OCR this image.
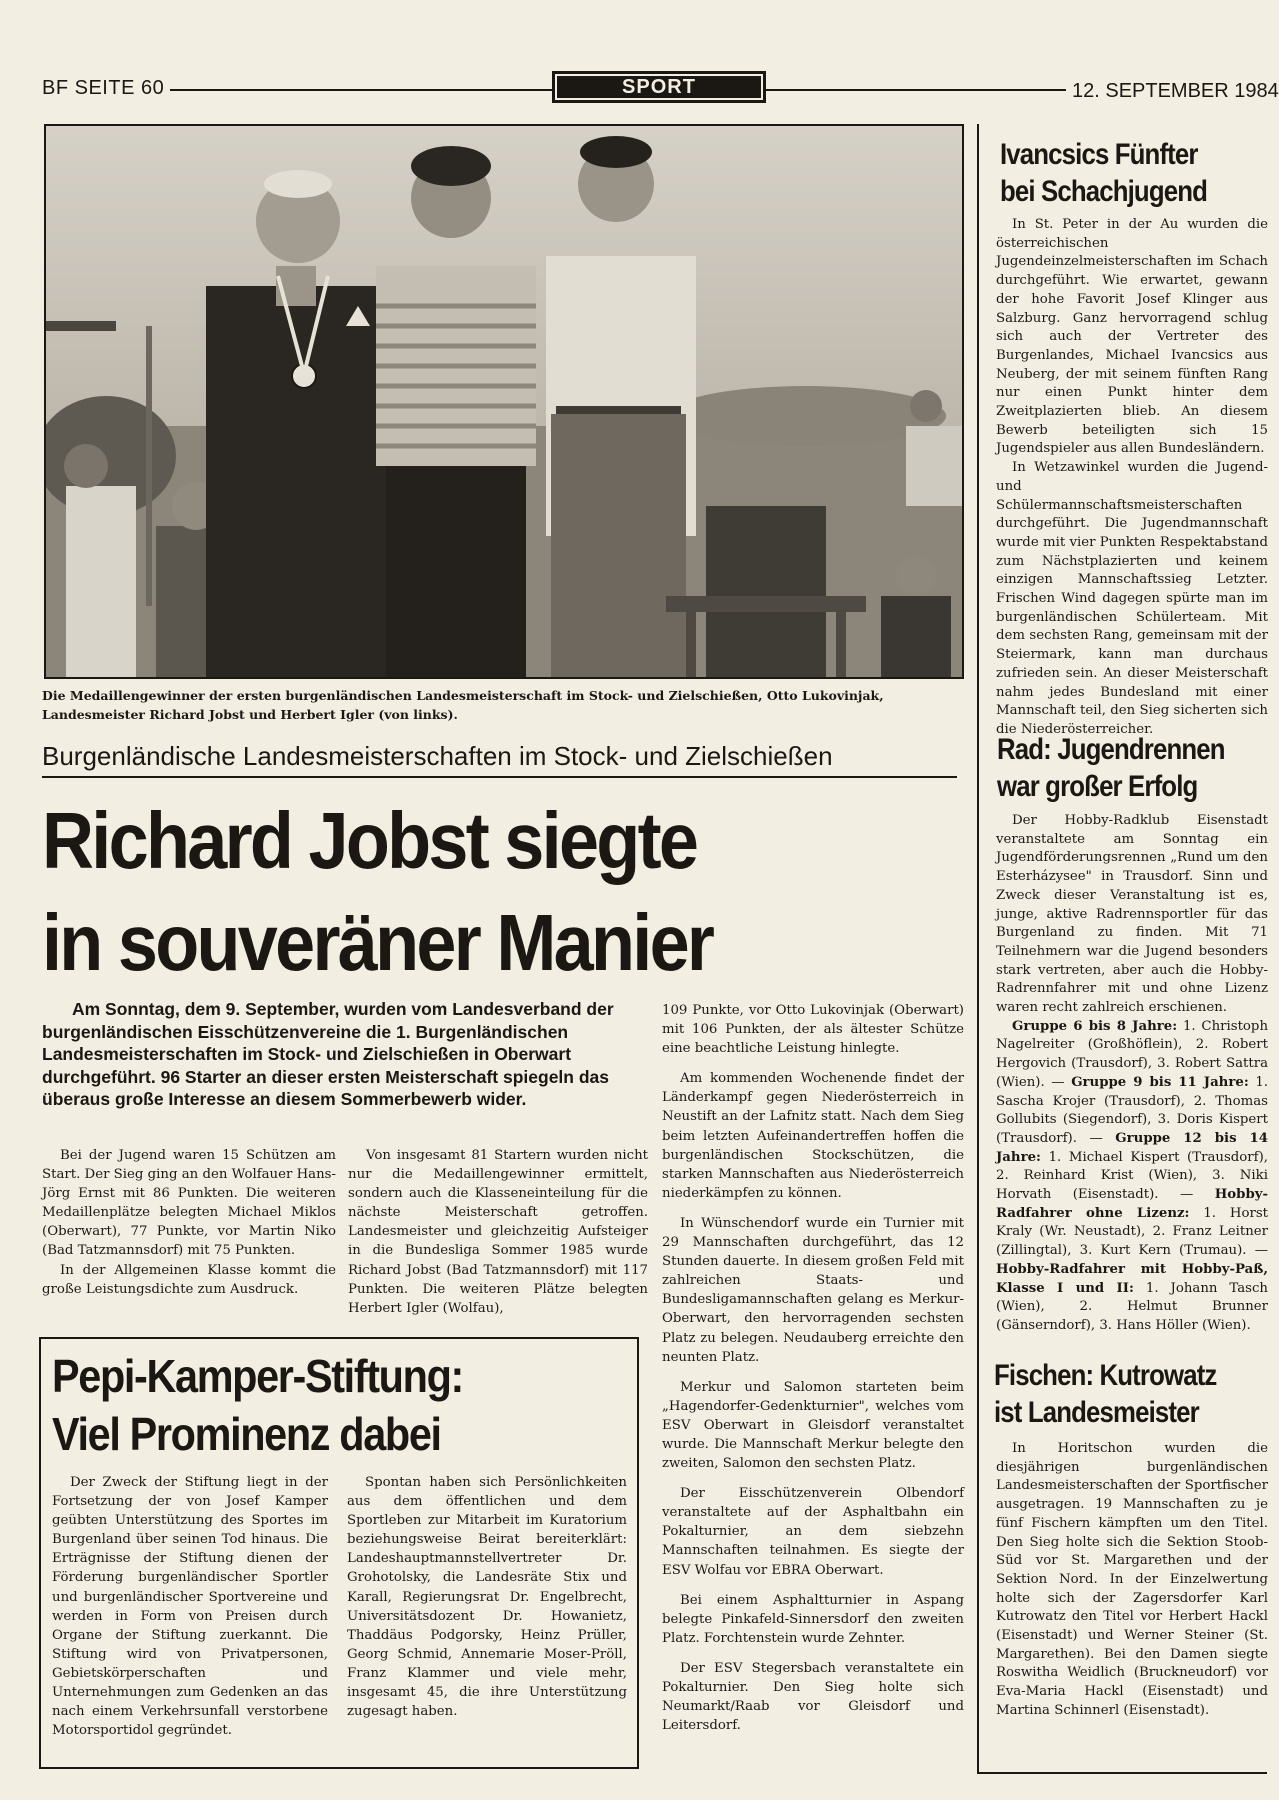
BF SEITE 60	SPORT	12. SEPTEMBER 1984
Die Medaillengewinner der ersten burgenländischen Landesmeisterschaft im Stock- und Zielschießen, Otto Lukovinjak, Landesmeister Richard Jobst und Herbert Igler (von links).
Burgenländische Landesmeisterschaften im Stock- und Zielschießen
Richard Jobst siegte
in souveräner Manier
Am Sonntag, dem 9. September, wurden vom Landesverband der burgenländischen Eisschützenvereine die 1. Burgenländischen Landesmeisterschaften im Stock- und Zielschießen in Oberwart durchgeführt. 96 Starter an dieser ersten Meisterschaft spiegeln das überaus große Interesse an diesem Sommerbewerb wider.

Bei der Jugend waren 15 Schützen am Start. Der Sieg ging an den Wolfauer Hans-Jörg Ernst mit 86 Punkten. Die weiteren Medaillenplätze belegten Michael Miklos (Oberwart), 77 Punkte, vor Martin Niko (Bad Tatzmannsdorf) mit 75 Punkten.

In der Allgemeinen Klasse kommt die große Leistungsdichte zum Ausdruck.

Von insgesamt 81 Startern wurden nicht nur die Medaillengewinner ermittelt, sondern auch die Klasseneinteilung für die nächste Meisterschaft getroffen. Landesmeister und gleichzeitig Aufsteiger in die Bundesliga Sommer 1985 wurde Richard Jobst (Bad Tatzmannsdorf) mit 117 Punkten. Die weiteren Plätze belegten Herbert Igler (Wolfau),

109 Punkte, vor Otto Lukovinjak (Oberwart) mit 106 Punkten, der als ältester Schütze eine beachtliche Leistung hinlegte.

Am kommenden Wochenende findet der Länderkampf gegen Niederösterreich in Neustift an der Lafnitz statt. Nach dem Sieg beim letzten Aufeinandertreffen hoffen die burgenländischen Stockschützen, die starken Mannschaften aus Niederösterreich niederkämpfen zu können.

In Wünschendorf wurde ein Turnier mit 29 Mannschaften durchgeführt, das 12 Stunden dauerte. In diesem großen Feld mit zahlreichen Staats- und Bundesligamannschaften gelang es Merkur-Oberwart, den hervorragenden sechsten Platz zu belegen. Neudauberg erreichte den neunten Platz.

Merkur und Salomon starteten beim „Hagendorfer-Gedenkturnier", welches vom ESV Oberwart in Gleisdorf veranstaltet wurde. Die Mannschaft Merkur belegte den zweiten, Salomon den sechsten Platz.

Der Eisschützenverein Olbendorf veranstaltete auf der Asphaltbahn ein Pokalturnier, an dem siebzehn Mannschaften teilnahmen. Es siegte der ESV Wolfau vor EBRA Oberwart.

Bei einem Asphaltturnier in Aspang belegte Pinkafeld-Sinnersdorf den zweiten Platz. Forchtenstein wurde Zehnter.

Der ESV Stegersbach veranstaltete ein Pokalturnier. Den Sieg holte sich Neumarkt/Raab vor Gleisdorf und Leitersdorf.

Pepi-Kamper-Stiftung:
Viel Prominenz dabei

Der Zweck der Stiftung liegt in der Fortsetzung der von Josef Kamper geübten Unterstützung des Sportes im Burgenland über seinen Tod hinaus. Die Erträgnisse der Stiftung dienen der Förderung burgenländischer Sportler und burgenländischer Sportvereine und werden in Form von Preisen durch Organe der Stiftung zuerkannt. Die Stiftung wird von Privatpersonen, Gebietskörperschaften und Unternehmungen zum Gedenken an das nach einem Verkehrsunfall verstorbene Motorsportidol gegründet.

Spontan haben sich Persönlichkeiten aus dem öffentlichen und dem Sportleben zur Mitarbeit im Kuratorium beziehungsweise Beirat bereiterklärt: Landeshauptmannstellvertreter Dr. Grohotolsky, die Landesräte Stix und Karall, Regierungsrat Dr. Engelbrecht, Universitätsdozent Dr. Howanietz, Thaddäus Podgorsky, Heinz Prüller, Georg Schmid, Annemarie Moser-Pröll, Franz Klammer und viele mehr, insgesamt 45, die ihre Unterstützung zugesagt haben.

Ivancsics Fünfter
bei Schachjugend

In St. Peter in der Au wurden die österreichischen Jugendeinzelmeisterschaften im Schach durchgeführt. Wie erwartet, gewann der hohe Favorit Josef Klinger aus Salzburg. Ganz hervorragend schlug sich auch der Vertreter des Burgenlandes, Michael Ivancsics aus Neuberg, der mit seinem fünften Rang nur einen Punkt hinter dem Zweitplazierten blieb. An diesem Bewerb beteiligten sich 15 Jugendspieler aus allen Bundesländern.

In Wetzawinkel wurden die Jugend- und Schülermannschaftsmeisterschaften durchgeführt. Die Jugendmannschaft wurde mit vier Punkten Respektabstand zum Nächstplazierten und keinem einzigen Mannschaftssieg Letzter. Frischen Wind dagegen spürte man im burgenländischen Schülerteam. Mit dem sechsten Rang, gemeinsam mit der Steiermark, kann man durchaus zufrieden sein. An dieser Meisterschaft nahm jedes Bundesland mit einer Mannschaft teil, den Sieg sicherten sich die Niederösterreicher.

Rad: Jugendrennen
war großer Erfolg

Der Hobby-Radklub Eisenstadt veranstaltete am Sonntag ein Jugendförderungsrennen „Rund um den Esterházysee" in Trausdorf. Sinn und Zweck dieser Veranstaltung ist es, junge, aktive Radrennsportler für das Burgenland zu finden. Mit 71 Teilnehmern war die Jugend besonders stark vertreten, aber auch die Hobby-Radrennfahrer mit und ohne Lizenz waren recht zahlreich erschienen.

Gruppe 6 bis 8 Jahre: 1. Christoph Nagelreiter (Großhöflein), 2. Robert Hergovich (Trausdorf), 3. Robert Sattra (Wien). — Gruppe 9 bis 11 Jahre: 1. Sascha Krojer (Trausdorf), 2. Thomas Gollubits (Siegendorf), 3. Doris Kispert (Trausdorf). — Gruppe 12 bis 14 Jahre: 1. Michael Kispert (Trausdorf), 2. Reinhard Krist (Wien), 3. Niki Horvath (Eisenstadt). — Hobby-Radfahrer ohne Lizenz: 1. Horst Kraly (Wr. Neustadt), 2. Franz Leitner (Zillingtal), 3. Kurt Kern (Trumau). — Hobby-Radfahrer mit Hobby-Paß, Klasse I und II: 1. Johann Tasch (Wien), 2. Helmut Brunner (Gänserndorf), 3. Hans Höller (Wien).

Fischen: Kutrowatz
ist Landesmeister

In Horitschon wurden die diesjährigen burgenländischen Landesmeisterschaften der Sportfischer ausgetragen. 19 Mannschaften zu je fünf Fischern kämpften um den Titel. Den Sieg holte sich die Sektion Stoob-Süd vor St. Margarethen und der Sektion Nord. In der Einzelwertung holte sich der Zagersdorfer Karl Kutrowatz den Titel vor Herbert Hackl (Eisenstadt) und Werner Steiner (St. Margarethen). Bei den Damen siegte Roswitha Weidlich (Bruckneudorf) vor Eva-Maria Hackl (Eisenstadt) und Martina Schinnerl (Eisenstadt).
